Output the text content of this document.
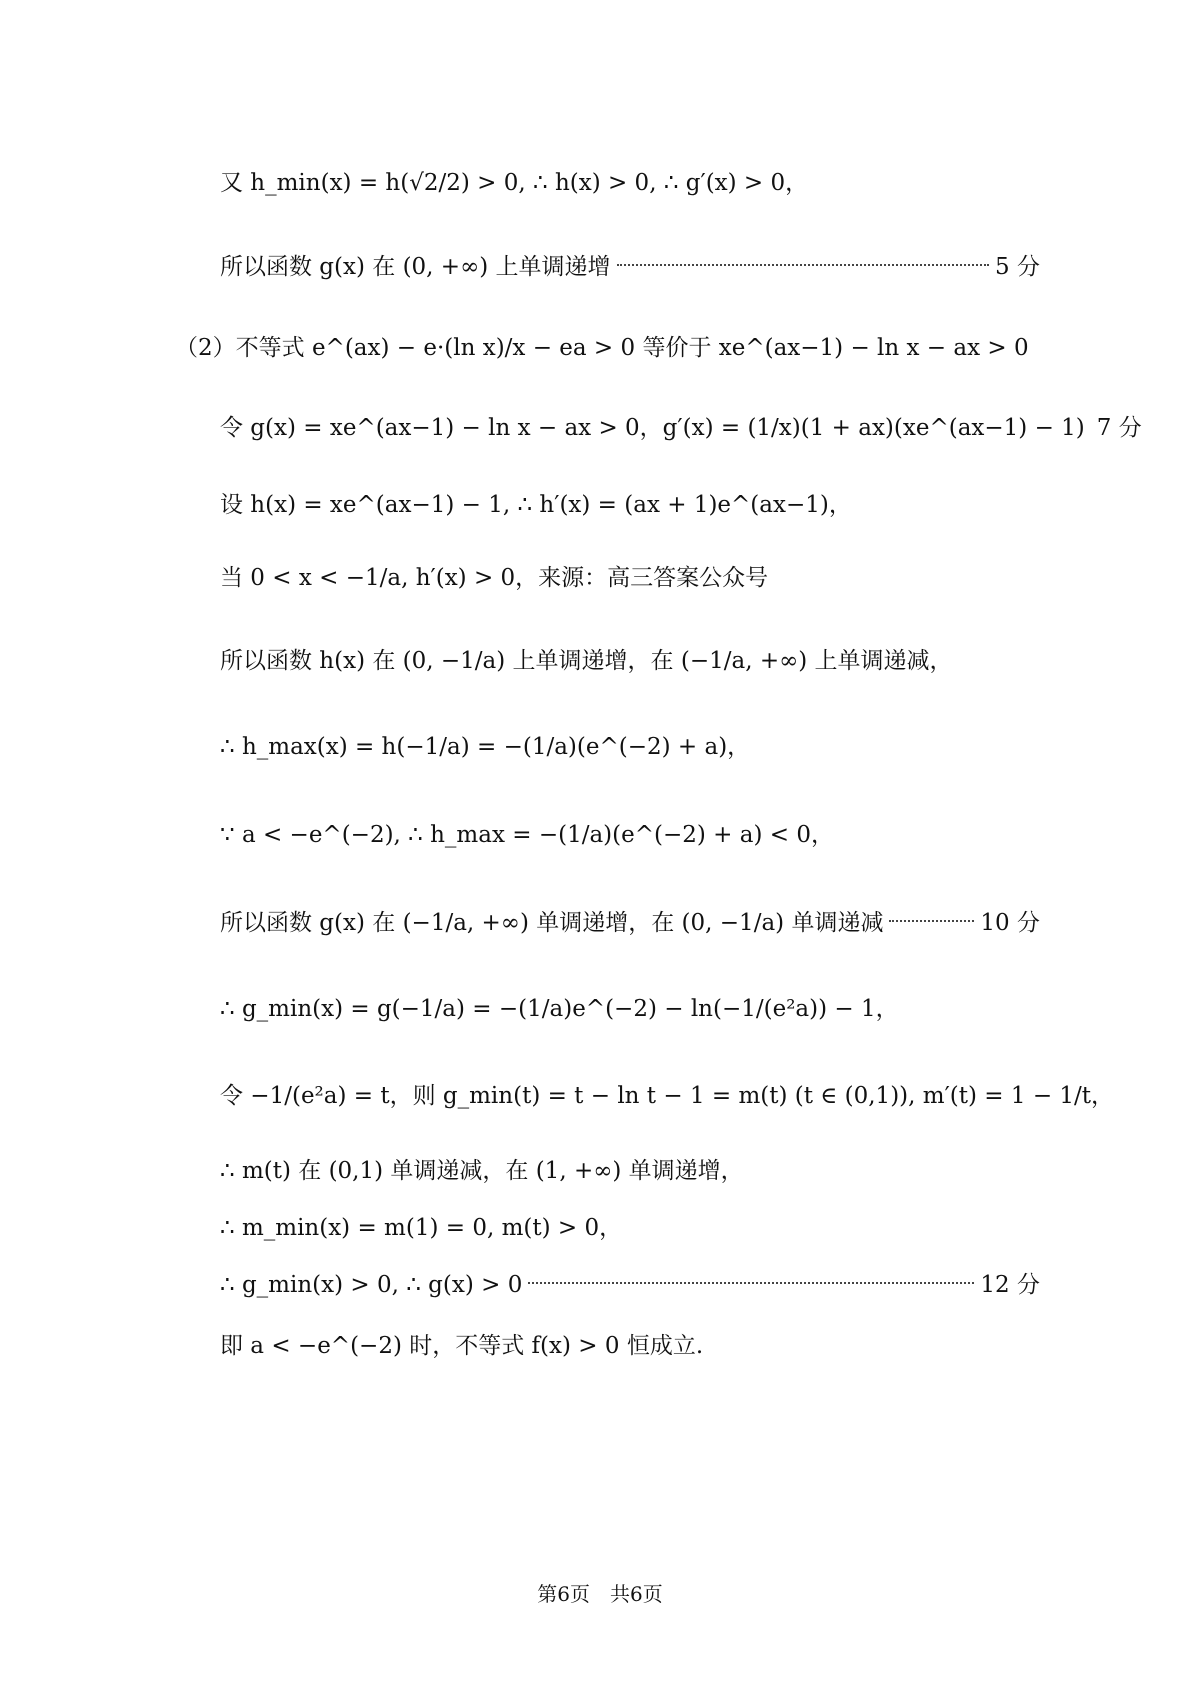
又 h_min(x) = h(√2/2) > 0, ∴ h(x) > 0, ∴ g′(x) > 0，
所以函数 g(x) 在 (0, +∞) 上单调递增	5 分
（2）不等式 e^(ax) − e·(ln x)/x − ea > 0 等价于 xe^(ax−1) − ln x − ax > 0
令 g(x) = xe^(ax−1) − ln x − ax > 0，g′(x) = (1/x)(1 + ax)(xe^(ax−1) − 1) 7 分
设 h(x) = xe^(ax−1) − 1, ∴ h′(x) = (ax + 1)e^(ax−1)，
当 0 < x < −1/a, h′(x) > 0，来源：高三答案公众号
所以函数 h(x) 在 (0, −1/a) 上单调递增，在 (−1/a, +∞) 上单调递减，
∴ h_max(x) = h(−1/a) = −(1/a)(e^(−2) + a)，
∵ a < −e^(−2), ∴ h_max = −(1/a)(e^(−2) + a) < 0，
所以函数 g(x) 在 (−1/a, +∞) 单调递增，在 (0, −1/a) 单调递减	10 分
∴ g_min(x) = g(−1/a) = −(1/a)e^(−2) − ln(−1/(e²a)) − 1，
令 −1/(e²a) = t，则 g_min(t) = t − ln t − 1 = m(t) (t ∈ (0,1)), m′(t) = 1 − 1/t，
∴ m(t) 在 (0,1) 单调递减，在 (1, +∞) 单调递增，
∴ m_min(x) = m(1) = 0, m(t) > 0，
∴ g_min(x) > 0, ∴ g(x) > 0	12 分
即 a < −e^(−2) 时，不等式 f(x) > 0 恒成立.
第6页　共6页
